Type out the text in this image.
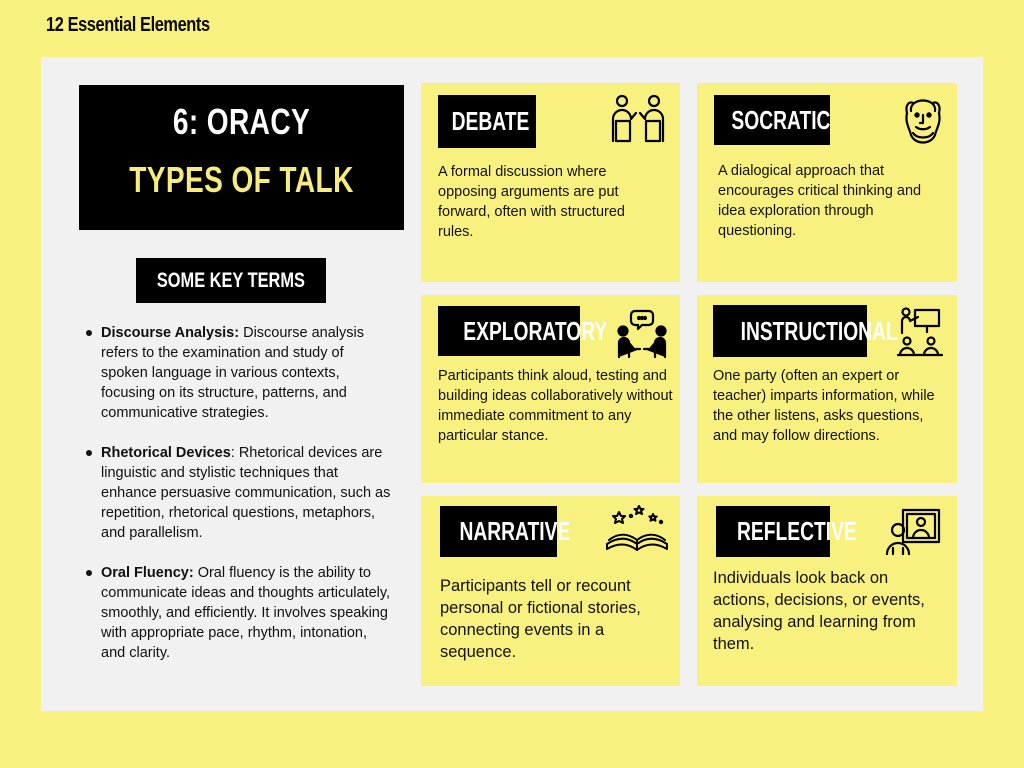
12 Essential Elements
6: ORACY
TYPES OF TALK
SOME KEY TERMS
Discourse Analysis: Discourse analysis refers to the examination and study of spoken language in various contexts, focusing on its structure, patterns, and communicative strategies.
Rhetorical Devices: Rhetorical devices are linguistic and stylistic techniques that enhance persuasive communication, such as repetition, rhetorical questions, metaphors, and parallelism.
Oral Fluency: Oral fluency is the ability to communicate ideas and thoughts articulately, smoothly, and efficiently. It involves speaking with appropriate pace, rhythm, intonation, and clarity.
DEBATE
A formal discussion where opposing arguments are put forward, often with structured rules.
SOCRATIC
A dialogical approach that encourages critical thinking and idea exploration through questioning.
EXPLORATORY
Participants think aloud, testing and building ideas collaboratively without immediate commitment to any particular stance.
INSTRUCTIONAL
One party (often an expert or teacher) imparts information, while the other listens, asks questions, and may follow directions.
NARRATIVE
Participants tell or recount personal or fictional stories, connecting events in a sequence.
REFLECTIVE
Individuals look back on actions, decisions, or events, analysing and learning from them.
